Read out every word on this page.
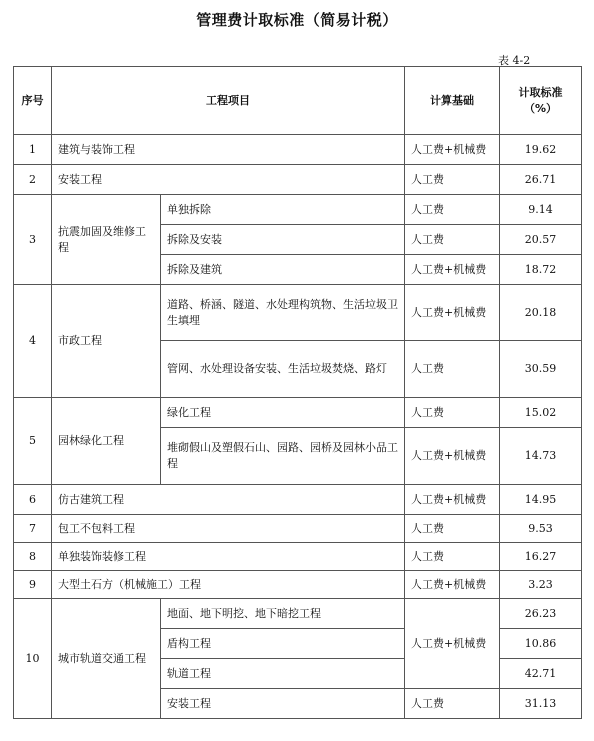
管理费计取标准（简易计税）
表 4-2
序号	工程项目		计算基础	计取标准
（%）

1	建筑与装饰工程		人工费+机械费	19.62
2	安装工程		人工费	26.71
3	抗震加固及维修工程	单独拆除	人工费	9.14
		拆除及安装	人工费	20.57
		拆除及建筑	人工费+机械费	18.72
4	市政工程	道路、桥涵、隧道、水处理构筑物、生活垃圾卫生填埋	人工费+机械费	20.18
		管网、水处理设备安装、生活垃圾焚烧、路灯	人工费	30.59
5	园林绿化工程	绿化工程	人工费	15.02
		堆砌假山及塑假石山、园路、园桥及园林小品工程	人工费+机械费	14.73
6	仿古建筑工程		人工费+机械费	14.95
7	包工不包料工程		人工费	9.53
8	单独装饰装修工程		人工费	16.27
9	大型土石方（机械施工）工程		人工费+机械费	3.23
10	城市轨道交通工程	地面、地下明挖、地下暗挖工程	人工费+机械费	26.23
		盾构工程		10.86
		轨道工程		42.71
		安装工程	人工费	31.13
